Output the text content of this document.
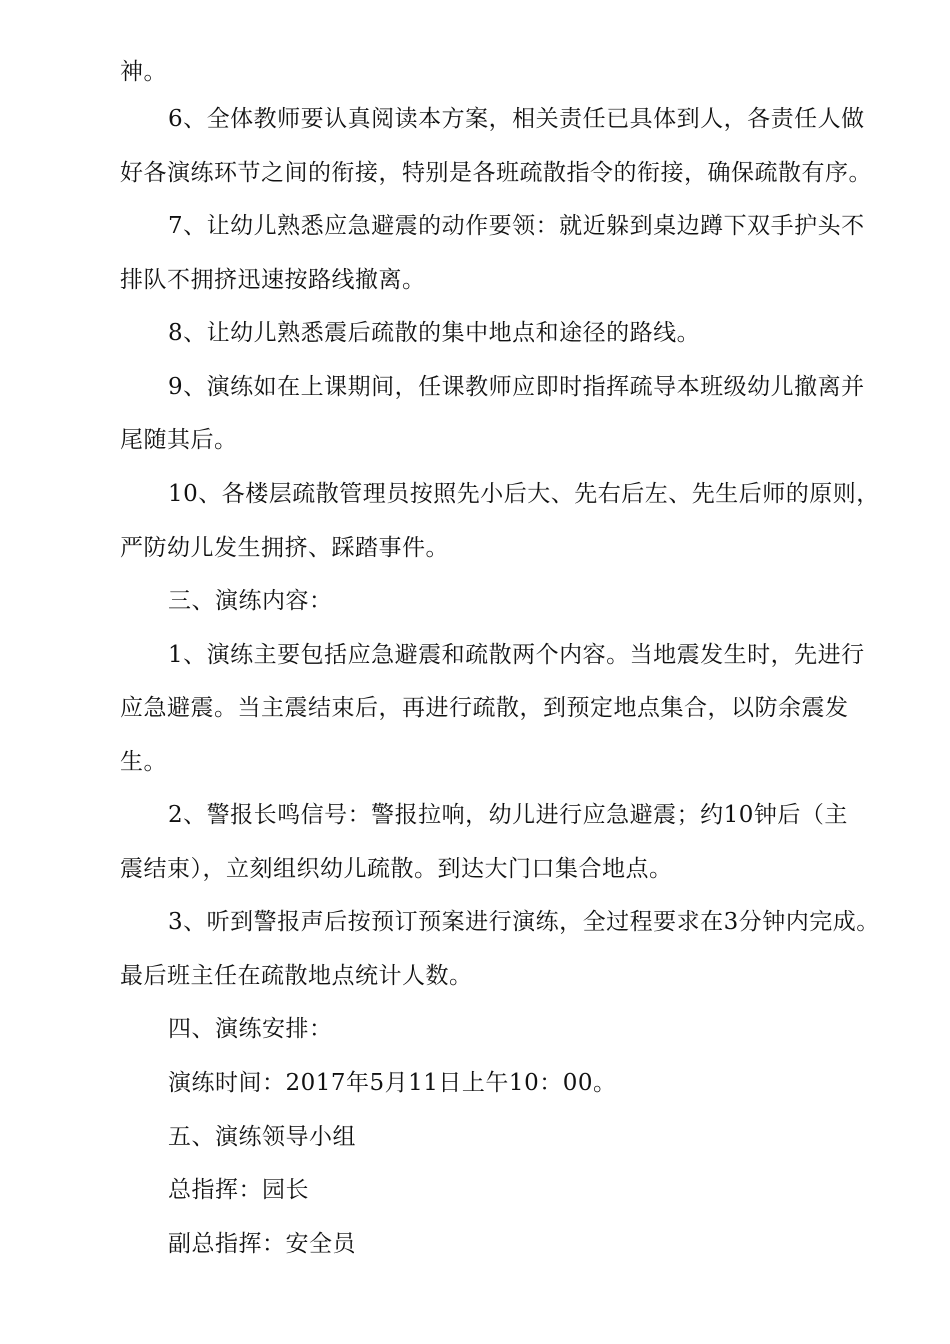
神。
6、全体教师要认真阅读本方案，相关责任已具体到人，各责任人做
好各演练环节之间的衔接，特别是各班疏散指令的衔接，确保疏散有序。
7、让幼儿熟悉应急避震的动作要领：就近躲到桌边蹲下双手护头不
排队不拥挤迅速按路线撤离。
8、让幼儿熟悉震后疏散的集中地点和途径的路线。
9、演练如在上课期间，任课教师应即时指挥疏导本班级幼儿撤离并
尾随其后。
10、各楼层疏散管理员按照先小后大、先右后左、先生后师的原则，
严防幼儿发生拥挤、踩踏事件。
三、演练内容：
1、演练主要包括应急避震和疏散两个内容。当地震发生时，先进行
应急避震。当主震结束后，再进行疏散，到预定地点集合，以防余震发
生。
2、警报长鸣信号：警报拉响，幼儿进行应急避震；约10钟后（主
震结束），立刻组织幼儿疏散。到达大门口集合地点。
3、听到警报声后按预订预案进行演练，全过程要求在3分钟内完成。
最后班主任在疏散地点统计人数。
四、演练安排：
演练时间：2017年5月11日上午10：00。
五、演练领导小组
总指挥：园长
副总指挥：安全员
